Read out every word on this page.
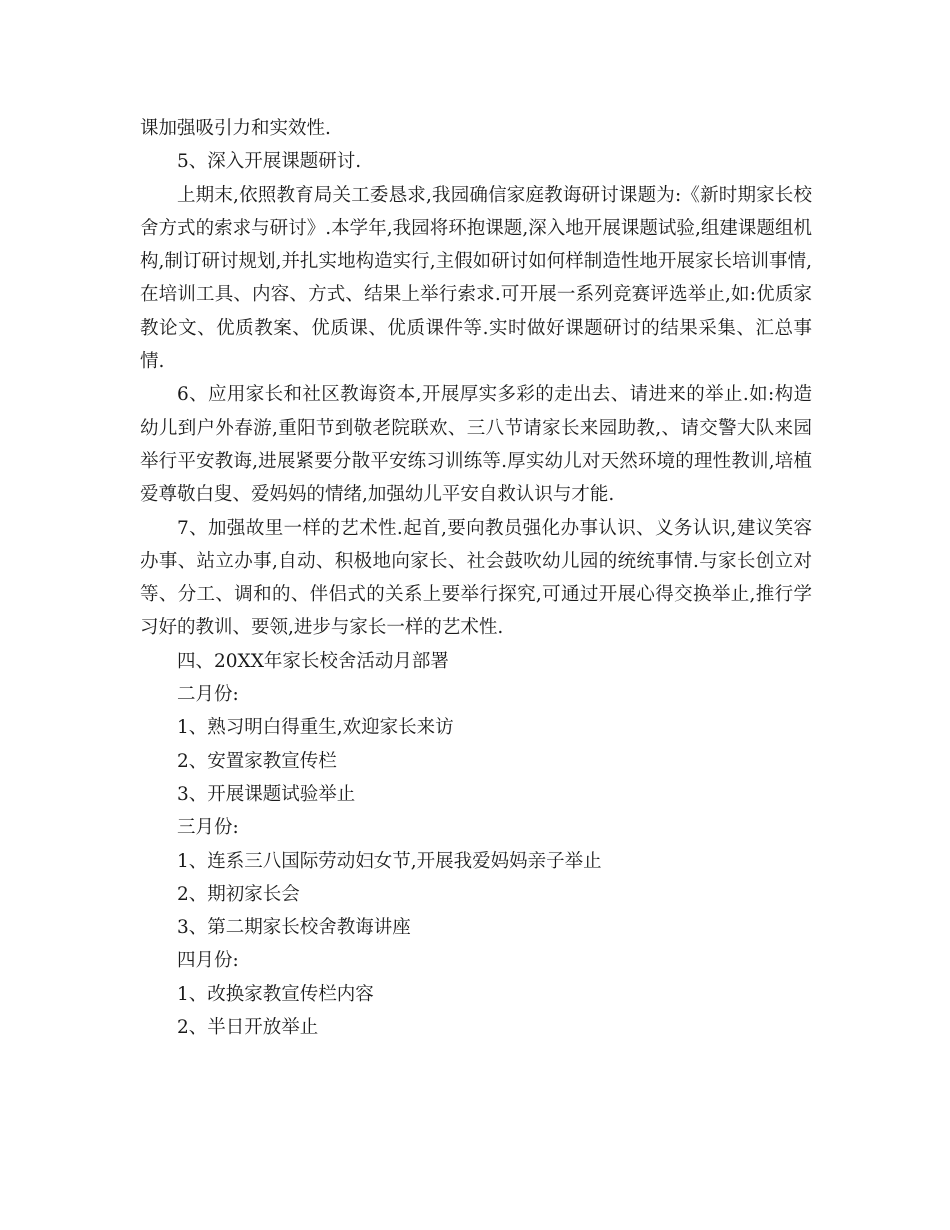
课加强吸引力和实效性.

5、深入开展课题研讨.

上期末,依照教育局关工委恳求,我园确信家庭教诲研讨课题为:《新时期家长校舍方式的索求与研讨》.本学年,我园将环抱课题,深入地开展课题试验,组建课题组机构,制订研讨规划,并扎实地构造实行,主假如研讨如何样制造性地开展家长培训事情,在培训工具、内容、方式、结果上举行索求.可开展一系列竞赛评选举止,如:优质家教论文、优质教案、优质课、优质课件等.实时做好课题研讨的结果采集、汇总事情.

6、应用家长和社区教诲资本,开展厚实多彩的走出去、请进来的举止.如:构造幼儿到户外春游,重阳节到敬老院联欢、三八节请家长来园助教,、请交警大队来园举行平安教诲,进展紧要分散平安练习训练等.厚实幼儿对天然环境的理性教训,培植爱尊敬白叟、爱妈妈的情绪,加强幼儿平安自救认识与才能.

7、加强故里一样的艺术性.起首,要向教员强化办事认识、义务认识,建议笑容办事、站立办事,自动、积极地向家长、社会鼓吹幼儿园的统统事情.与家长创立对等、分工、调和的、伴侣式的关系上要举行探究,可通过开展心得交换举止,推行学习好的教训、要领,进步与家长一样的艺术性.

四、20XX年家长校舍活动月部署

二月份:

1、熟习明白得重生,欢迎家长来访

2、安置家教宣传栏

3、开展课题试验举止

三月份:

1、连系三八国际劳动妇女节,开展我爱妈妈亲子举止

2、期初家长会

3、第二期家长校舍教诲讲座

四月份:

1、改换家教宣传栏内容

2、半日开放举止
